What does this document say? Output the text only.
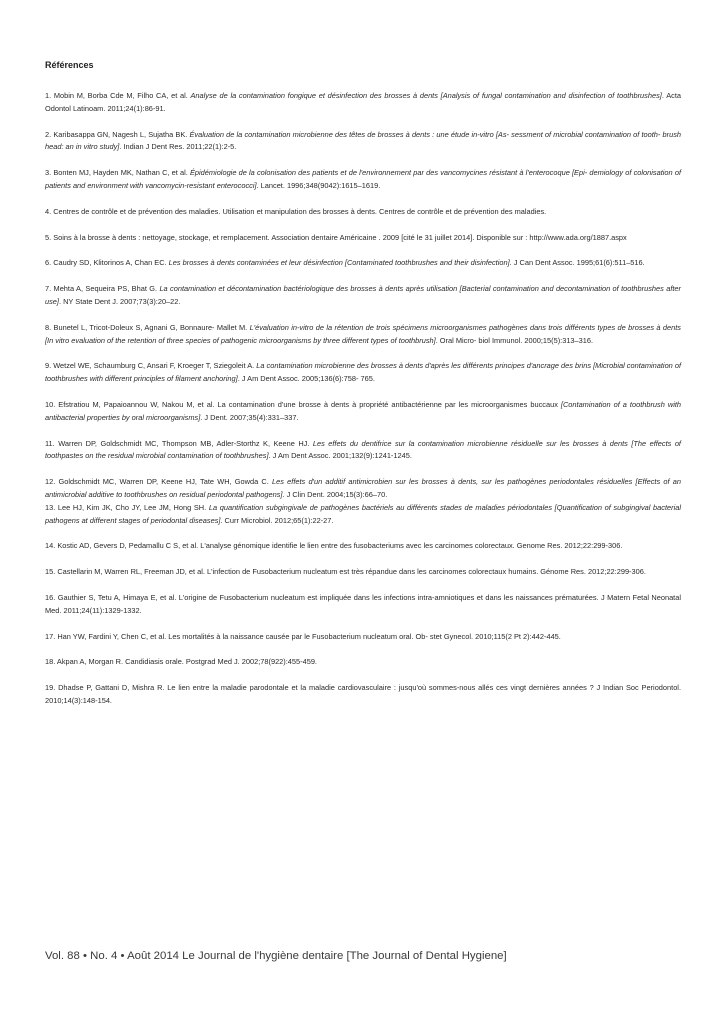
Références

1. Mobin M, Borba Cde M, Filho CA, et al. Analyse de la contamination fongique et désinfection des brosses à dents [Analysis of fungal contamination and disinfection of toothbrushes]. Acta Odontol Latinoam. 2011;24(1):86-91.

2. Karibasappa GN, Nagesh L, Sujatha BK. Évaluation de la contamination microbienne des têtes de brosses à dents : une étude in-vitro [As- sessment of microbial contamination of tooth- brush head: an in vitro study]. Indian J Dent Res. 2011;22(1):2-5.

3. Bonten MJ, Hayden MK, Nathan C, et al. Épidémiologie de la colonisation des patients et de l'environnement par des vancomycines résistant à l'enterocoque [Epi- demiology of colonisation of patients and environment with vancomycin-resistant enterococci]. Lancet. 1996;348(9042):1615–1619.

4. Centres de contrôle et de prévention des maladies. Utilisation et manipulation des brosses à dents. Centres de contrôle et de prévention des maladies.

5. Soins à la brosse à dents : nettoyage, stockage, et remplacement. Association dentaire Américaine . 2009 [cité le 31 juillet 2014]. Disponible sur : http://www.ada.org/1887.aspx

6. Caudry SD, Klitorinos A, Chan EC. Les brosses à dents contaminées et leur désinfection [Contaminated toothbrushes and their disinfection]. J Can Dent Assoc. 1995;61(6):511–516.

7. Mehta A, Sequeira PS, Bhat G. La contamination et décontamination bactériologique des brosses à dents après utilisation [Bacterial contamination and decontamination of toothbrushes after use]. NY State Dent J. 2007;73(3):20–22.

8. Bunetel L, Tricot-Doleux S, Agnani G, Bonnaure- Mallet M. L'évaluation in-vitro de la rétention de trois spécimens microorganismes pathogènes dans trois différents types de brosses à dents [In vitro evaluation of the retention of three species of pathogenic microorganisms by three different types of toothbrush]. Oral Micro- biol Immunol. 2000;15(5):313–316.

9. Wetzel WE, Schaumburg C, Ansari F, Kroeger T, Sziegoleit A. La contamination microbienne des brosses à dents d'après les différents principes d'ancrage des brins [Microbial contamination of toothbrushes with different principles of filament anchoring]. J Am Dent Assoc. 2005;136(6):758- 765.

10. Efstratiou M, Papaioannou W, Nakou M, et al. La contamination d'une brosse à dents à propriété antibactérienne par les microorganismes buccaux [Contamination of a toothbrush with antibacterial properties by oral microorganisms]. J Dent. 2007;35(4):331–337.

11. Warren DP, Goldschmidt MC, Thompson MB, Adler-Storthz K, Keene HJ. Les effets du dentifrice sur la contamination microbienne résiduelle sur les brosses à dents [The effects of toothpastes on the residual microbial contamination of toothbrushes]. J Am Dent Assoc. 2001;132(9):1241-1245.

12. Goldschmidt MC, Warren DP, Keene HJ, Tate WH, Gowda C. Les effets d'un additif antimicrobien sur les brosses à dents, sur les pathogènes periodontales résiduelles [Effects of an antimicrobial additive to toothbrushes on residual periodontal pathogens]. J Clin Dent. 2004;15(3):66–70.

13. Lee HJ, Kim JK, Cho JY, Lee JM, Hong SH. La quantification subgingivale de pathogènes bactériels au différents stades de maladies périodontales [Quantification of subgingival bacterial pathogens at different stages of periodontal diseases]. Curr Microbiol. 2012;65(1):22-27.

14. Kostic AD, Gevers D, Pedamallu C S, et al. L'analyse génomique identifie le lien entre des fusobacteriums avec les carcinomes colorectaux. Genome Res. 2012;22:299-306.

15. Castellarin M, Warren RL, Freeman JD, et al. L'infection de Fusobacterium nucleatum est très répandue dans les carcinomes colorectaux humains. Génome Res. 2012;22:299-306.

16. Gauthier S, Tetu A, Himaya E, et al. L'origine de Fusobacterium nucleatum est impliquée dans les infections intra-amniotiques et dans les naissances prématurées. J Matern Fetal Neonatal Med. 2011;24(11):1329-1332.

17. Han YW, Fardini Y, Chen C, et al. Les mortalités à la naissance causée par le Fusobacterium nucleatum oral. Ob- stet Gynecol. 2010;115(2 Pt 2):442-445.

18. Akpan A, Morgan R. Candidiasis orale. Postgrad Med J. 2002;78(922):455-459.

19. Dhadse P, Gattani D, Mishra R. Le lien entre la maladie parodontale et la maladie cardiovasculaire : jusqu'où sommes-nous allés ces vingt dernières années ? J Indian Soc Periodontol. 2010;14(3):148-154.

Vol. 88 • No. 4 • Août 2014 Le Journal de l'hygiène dentaire [The Journal of Dental Hygiene]
